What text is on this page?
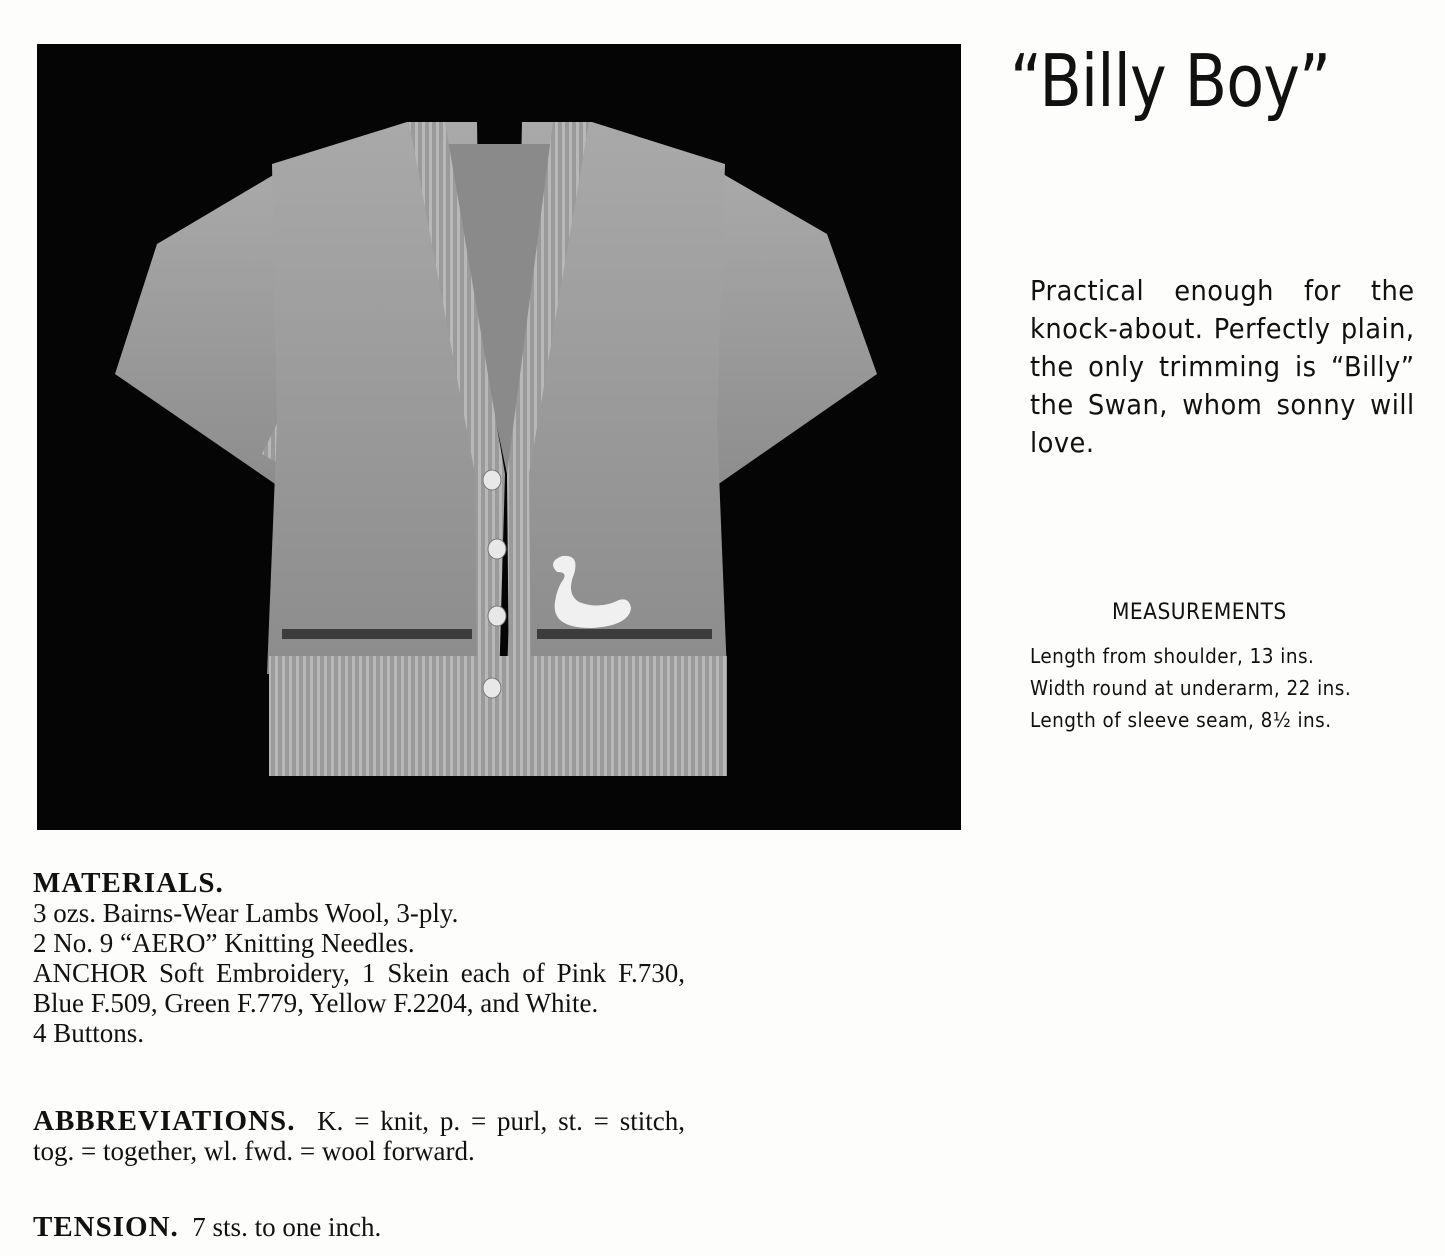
“Billy Boy”

Practical enough for the knock-about. Perfectly plain, the only trimming is “Billy” the Swan, whom sonny will love.

MEASUREMENTS
Length from shoulder, 13 ins.
Width round at underarm, 22 ins.
Length of sleeve seam, 8½ ins.
MATERIALS.
3 ozs. Bairns-Wear Lambs Wool, 3-ply.
2 No. 9 “AERO” Knitting Needles.
ANCHOR Soft Embroidery, 1 Skein each of Pink F.730, Blue F.509, Green F.779, Yellow F.2204, and White.
4 Buttons.
ABBREVIATIONS. K. = knit, p. = purl, st. = stitch, tog. = together, wl. fwd. = wool forward.
TENSION. 7 sts. to one inch.
